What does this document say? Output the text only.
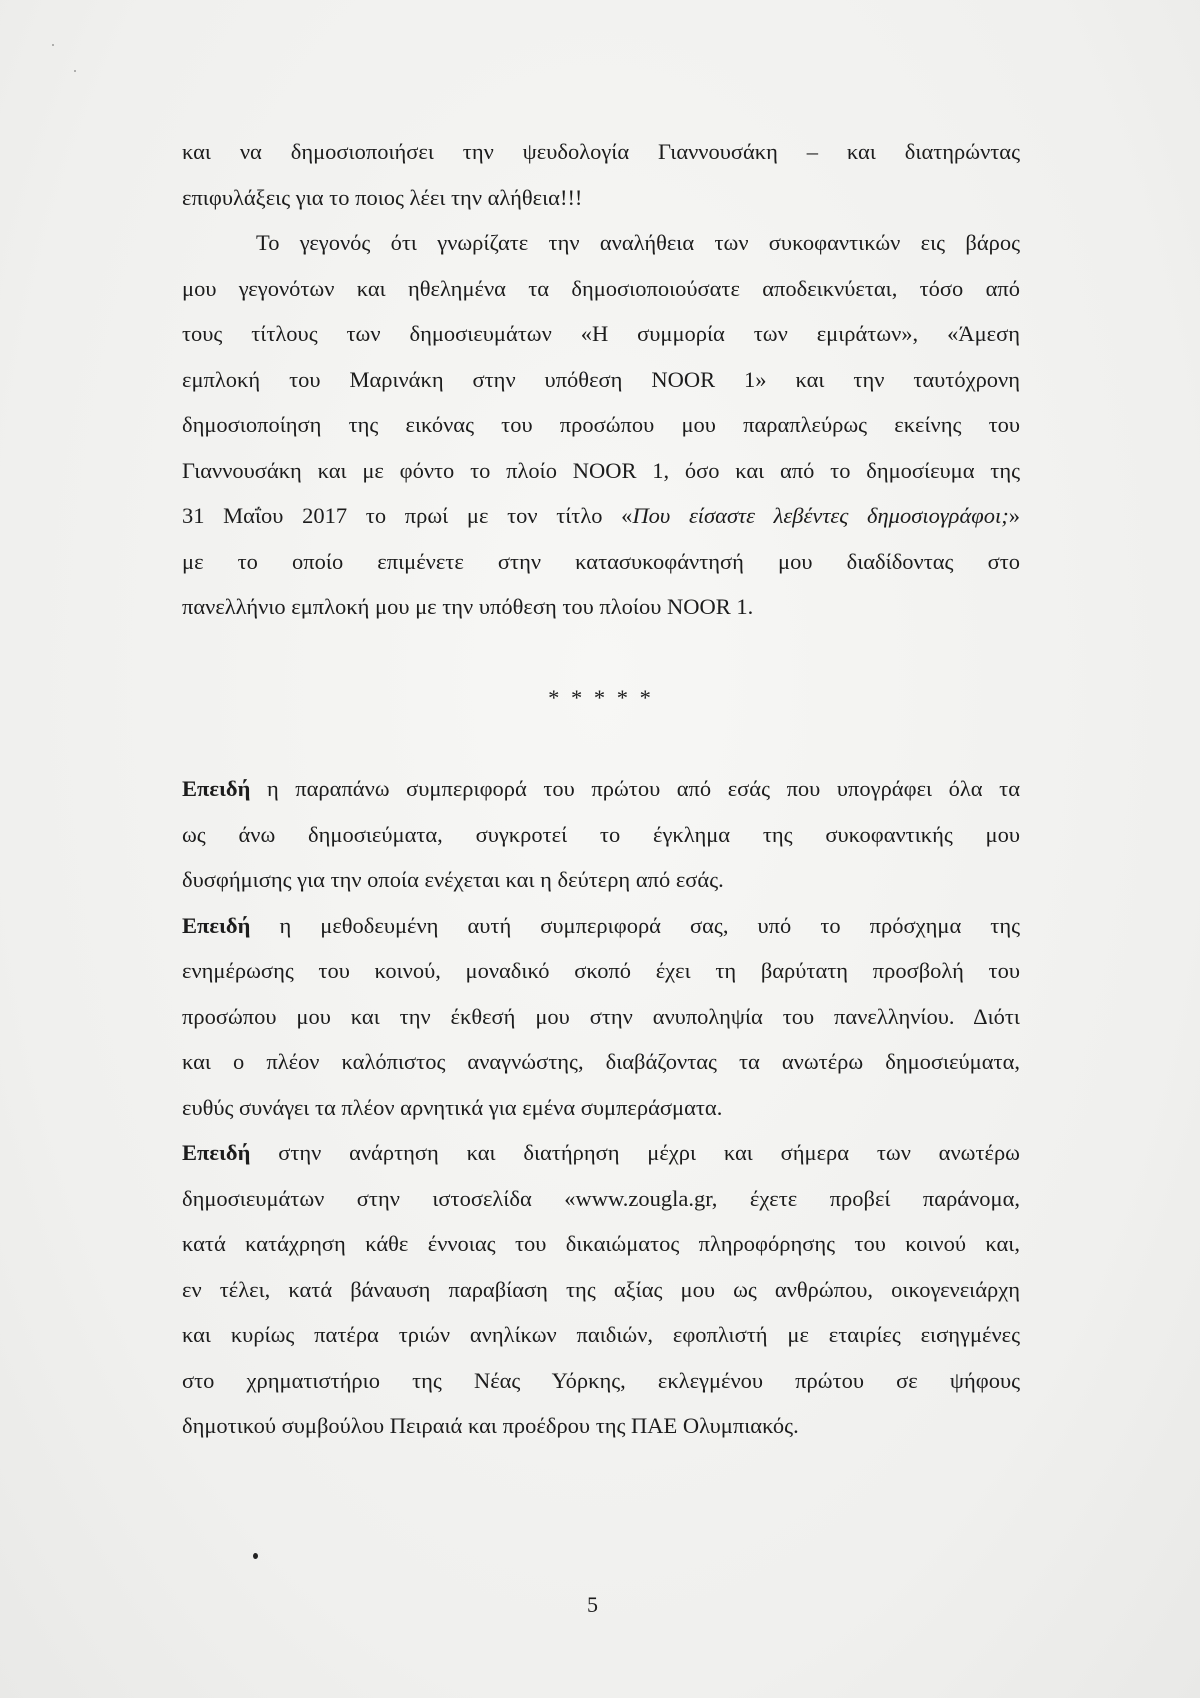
και να δημοσιοποιήσει την ψευδολογία Γιαννουσάκη – και διατηρώντας
επιφυλάξεις για το ποιος λέει την αλήθεια!!!
Το γεγονός ότι γνωρίζατε την αναλήθεια των συκοφαντικών εις βάρος
μου γεγονότων και ηθελημένα τα δημοσιοποιούσατε αποδεικνύεται, τόσο από
τους τίτλους των δημοσιευμάτων «Η συμμορία των εμιράτων», «Άμεση
εμπλοκή του Μαρινάκη στην υπόθεση NOOR 1» και την ταυτόχρονη
δημοσιοποίηση της εικόνας του προσώπου μου παραπλεύρως εκείνης του
Γιαννουσάκη και με φόντο το πλοίο NOOR 1, όσο και από το δημοσίευμα της
31 Μαΐου 2017 το πρωί με τον τίτλο «Που είσαστε λεβέντες δημοσιογράφοι;»
με το οποίο επιμένετε στην κατασυκοφάντησή μου διαδίδοντας στο
πανελλήνιο εμπλοκή μου με την υπόθεση του πλοίου NOOR 1.
* * * * *
Επειδή η παραπάνω συμπεριφορά του πρώτου από εσάς που υπογράφει όλα τα
ως άνω δημοσιεύματα, συγκροτεί το έγκλημα της συκοφαντικής μου
δυσφήμισης για την οποία ενέχεται και η δεύτερη από εσάς.
Επειδή η μεθοδευμένη αυτή συμπεριφορά σας, υπό το πρόσχημα της
ενημέρωσης του κοινού, μοναδικό σκοπό έχει τη βαρύτατη προσβολή του
προσώπου μου και την έκθεσή μου στην ανυποληψία του πανελληνίου. Διότι
και ο πλέον καλόπιστος αναγνώστης, διαβάζοντας τα ανωτέρω δημοσιεύματα,
ευθύς συνάγει τα πλέον αρνητικά για εμένα συμπεράσματα.
Επειδή στην ανάρτηση και διατήρηση μέχρι και σήμερα των ανωτέρω
δημοσιευμάτων στην ιστοσελίδα «www.zougla.gr, έχετε προβεί παράνομα,
κατά κατάχρηση κάθε έννοιας του δικαιώματος πληροφόρησης του κοινού και,
εν τέλει, κατά βάναυση παραβίαση της αξίας μου ως ανθρώπου, οικογενειάρχη
και κυρίως πατέρα τριών ανηλίκων παιδιών, εφοπλιστή με εταιρίες εισηγμένες
στο χρηματιστήριο της Νέας Υόρκης, εκλεγμένου πρώτου σε ψήφους
δημοτικού συμβούλου Πειραιά και προέδρου της ΠΑΕ Ολυμπιακός.
5
